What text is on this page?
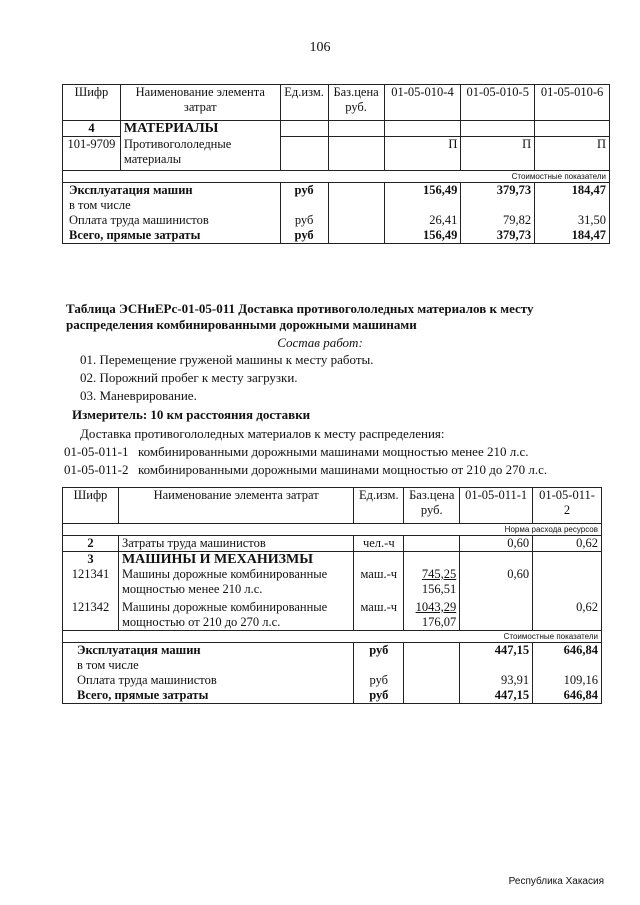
106
Шифр	Наименование элемента затрат	Ед.изм.	Баз.цена руб.	01-05-010-4	01-05-010-5	01-05-010-6
4	МАТЕРИАЛЫ					
101-9709	Противогололедные материалы			П	П	П
Стоимостные показатели						
Эксплуатация машин		руб		156,49	379,73	184,47
в том числе						
Оплата труда машинистов		руб		26,41	79,82	31,50
Всего, прямые затраты		руб		156,49	379,73	184,47
Таблица ЭСНиЕРс-01-05-011 Доставка противогололедных материалов к месту распределения комбинированными дорожными машинами
Состав работ:
01. Перемещение груженой машины к месту работы.
02. Порожний пробег к месту загрузки.
03. Маневрирование.
Измеритель: 10 км расстояния доставки
Доставка противогололедных материалов к месту распределения:
01-05-011-1 комбинированными дорожными машинами мощностью менее 210 л.с.
01-05-011-2 комбинированными дорожными машинами мощностью от 210 до 270 л.с.
Шифр	Наименование элемента затрат	Ед.изм.	Баз.цена руб.	01-05-011-1	01-05-011-2
Норма расхода ресурсов					
2	Затраты труда машинистов	чел.-ч		0,60	0,62
3	МАШИНЫ И МЕХАНИЗМЫ				
121341	Машины дорожные комбинированные	маш.-ч	745,25	0,60	
	мощностью менее 210 л.с.		156,51		
121342	Машины дорожные комбинированные	маш.-ч	1043,29		0,62
	мощностью от 210 до 270 л.с.		176,07		
Стоимостные показатели					
Эксплуатация машин		руб		447,15	646,84
в том числе					
Оплата труда машинистов		руб		93,91	109,16
Всего, прямые затраты		руб		447,15	646,84
Республика Хакасия
